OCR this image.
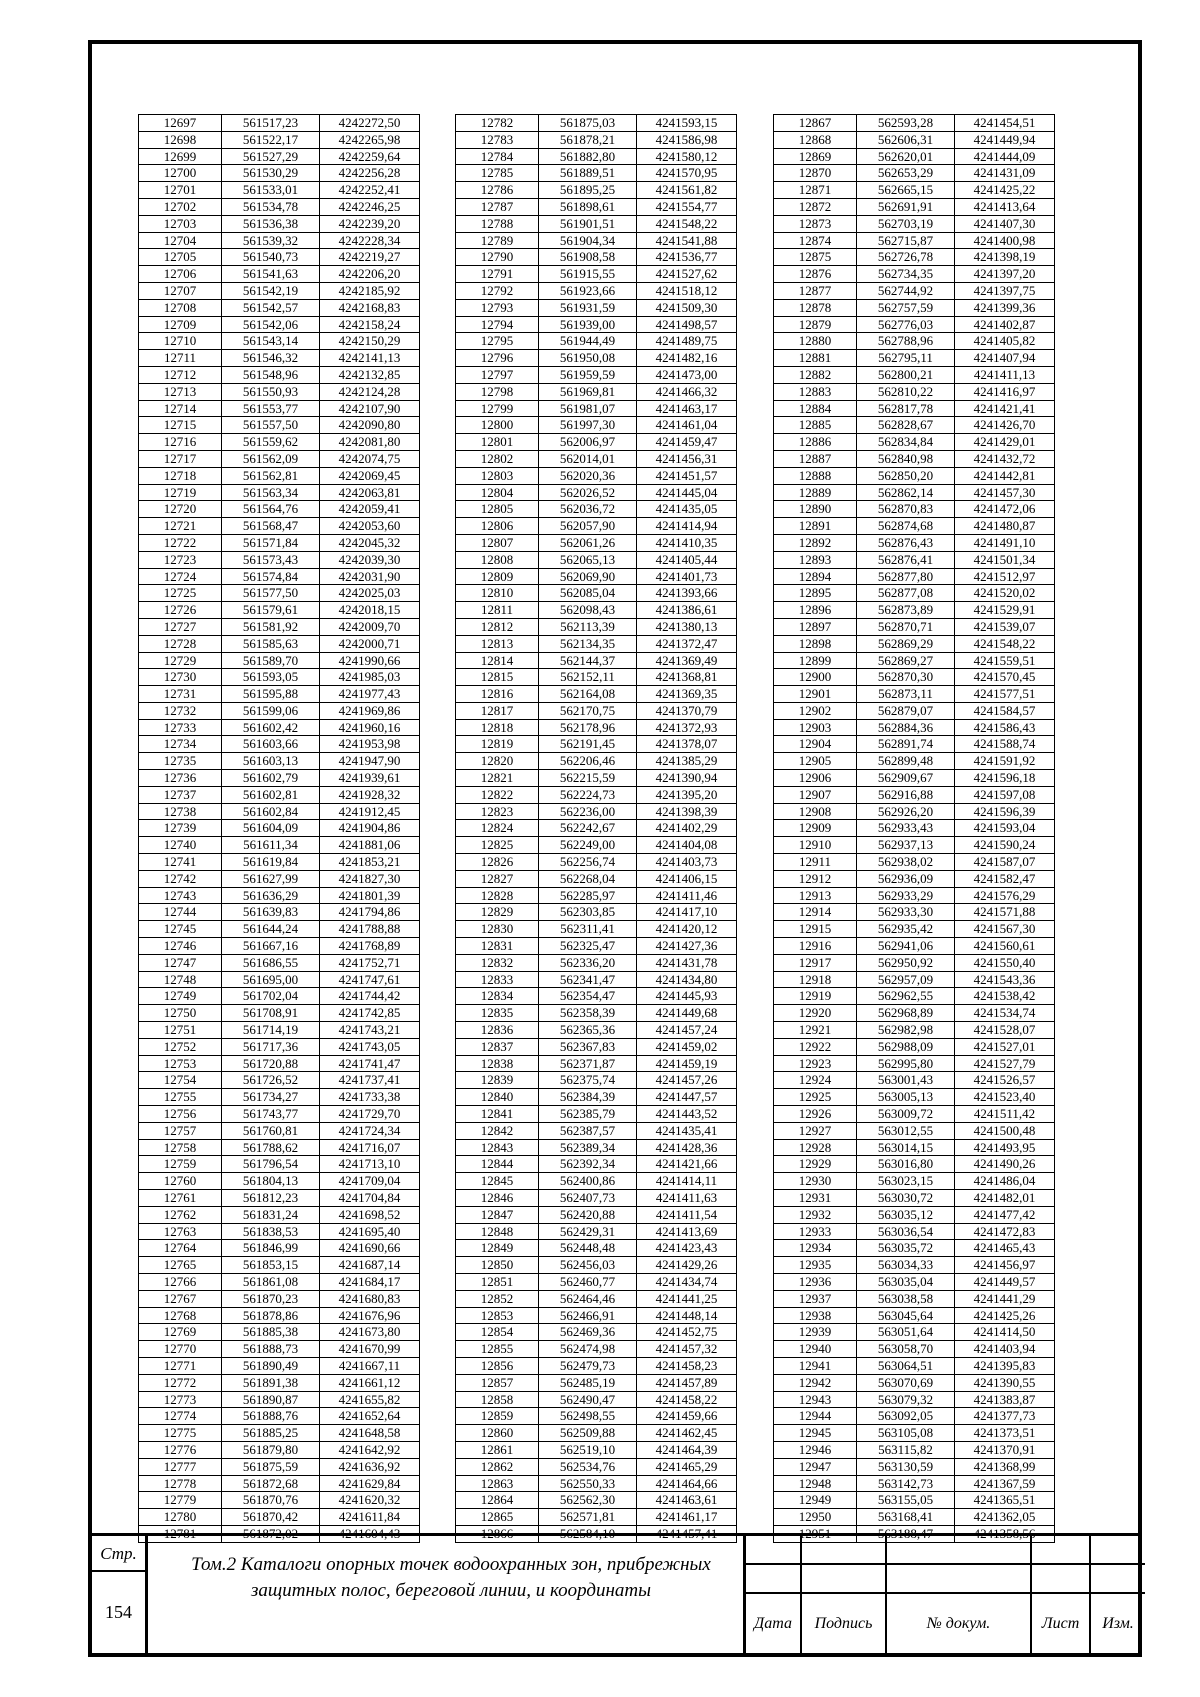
12697	561517,23	4242272,50
12698	561522,17	4242265,98
12699	561527,29	4242259,64
12700	561530,29	4242256,28
12701	561533,01	4242252,41
12702	561534,78	4242246,25
12703	561536,38	4242239,20
12704	561539,32	4242228,34
12705	561540,73	4242219,27
12706	561541,63	4242206,20
12707	561542,19	4242185,92
12708	561542,57	4242168,83
12709	561542,06	4242158,24
12710	561543,14	4242150,29
12711	561546,32	4242141,13
12712	561548,96	4242132,85
12713	561550,93	4242124,28
12714	561553,77	4242107,90
12715	561557,50	4242090,80
12716	561559,62	4242081,80
12717	561562,09	4242074,75
12718	561562,81	4242069,45
12719	561563,34	4242063,81
12720	561564,76	4242059,41
12721	561568,47	4242053,60
12722	561571,84	4242045,32
12723	561573,43	4242039,30
12724	561574,84	4242031,90
12725	561577,50	4242025,03
12726	561579,61	4242018,15
12727	561581,92	4242009,70
12728	561585,63	4242000,71
12729	561589,70	4241990,66
12730	561593,05	4241985,03
12731	561595,88	4241977,43
12732	561599,06	4241969,86
12733	561602,42	4241960,16
12734	561603,66	4241953,98
12735	561603,13	4241947,90
12736	561602,79	4241939,61
12737	561602,81	4241928,32
12738	561602,84	4241912,45
12739	561604,09	4241904,86
12740	561611,34	4241881,06
12741	561619,84	4241853,21
12742	561627,99	4241827,30
12743	561636,29	4241801,39
12744	561639,83	4241794,86
12745	561644,24	4241788,88
12746	561667,16	4241768,89
12747	561686,55	4241752,71
12748	561695,00	4241747,61
12749	561702,04	4241744,42
12750	561708,91	4241742,85
12751	561714,19	4241743,21
12752	561717,36	4241743,05
12753	561720,88	4241741,47
12754	561726,52	4241737,41
12755	561734,27	4241733,38
12756	561743,77	4241729,70
12757	561760,81	4241724,34
12758	561788,62	4241716,07
12759	561796,54	4241713,10
12760	561804,13	4241709,04
12761	561812,23	4241704,84
12762	561831,24	4241698,52
12763	561838,53	4241695,40
12764	561846,99	4241690,66
12765	561853,15	4241687,14
12766	561861,08	4241684,17
12767	561870,23	4241680,83
12768	561878,86	4241676,96
12769	561885,38	4241673,80
12770	561888,73	4241670,99
12771	561890,49	4241667,11
12772	561891,38	4241661,12
12773	561890,87	4241655,82
12774	561888,76	4241652,64
12775	561885,25	4241648,58
12776	561879,80	4241642,92
12777	561875,59	4241636,92
12778	561872,68	4241629,84
12779	561870,76	4241620,32
12780	561870,42	4241611,84
12781	561872,02	4241604,43
12782	561875,03	4241593,15
12783	561878,21	4241586,98
12784	561882,80	4241580,12
12785	561889,51	4241570,95
12786	561895,25	4241561,82
12787	561898,61	4241554,77
12788	561901,51	4241548,22
12789	561904,34	4241541,88
12790	561908,58	4241536,77
12791	561915,55	4241527,62
12792	561923,66	4241518,12
12793	561931,59	4241509,30
12794	561939,00	4241498,57
12795	561944,49	4241489,75
12796	561950,08	4241482,16
12797	561959,59	4241473,00
12798	561969,81	4241466,32
12799	561981,07	4241463,17
12800	561997,30	4241461,04
12801	562006,97	4241459,47
12802	562014,01	4241456,31
12803	562020,36	4241451,57
12804	562026,52	4241445,04
12805	562036,72	4241435,05
12806	562057,90	4241414,94
12807	562061,26	4241410,35
12808	562065,13	4241405,44
12809	562069,90	4241401,73
12810	562085,04	4241393,66
12811	562098,43	4241386,61
12812	562113,39	4241380,13
12813	562134,35	4241372,47
12814	562144,37	4241369,49
12815	562152,11	4241368,81
12816	562164,08	4241369,35
12817	562170,75	4241370,79
12818	562178,96	4241372,93
12819	562191,45	4241378,07
12820	562206,46	4241385,29
12821	562215,59	4241390,94
12822	562224,73	4241395,20
12823	562236,00	4241398,39
12824	562242,67	4241402,29
12825	562249,00	4241404,08
12826	562256,74	4241403,73
12827	562268,04	4241406,15
12828	562285,97	4241411,46
12829	562303,85	4241417,10
12830	562311,41	4241420,12
12831	562325,47	4241427,36
12832	562336,20	4241431,78
12833	562341,47	4241434,80
12834	562354,47	4241445,93
12835	562358,39	4241449,68
12836	562365,36	4241457,24
12837	562367,83	4241459,02
12838	562371,87	4241459,19
12839	562375,74	4241457,26
12840	562384,39	4241447,57
12841	562385,79	4241443,52
12842	562387,57	4241435,41
12843	562389,34	4241428,36
12844	562392,34	4241421,66
12845	562400,86	4241414,11
12846	562407,73	4241411,63
12847	562420,88	4241411,54
12848	562429,31	4241413,69
12849	562448,48	4241423,43
12850	562456,03	4241429,26
12851	562460,77	4241434,74
12852	562464,46	4241441,25
12853	562466,91	4241448,14
12854	562469,36	4241452,75
12855	562474,98	4241457,32
12856	562479,73	4241458,23
12857	562485,19	4241457,89
12858	562490,47	4241458,22
12859	562498,55	4241459,66
12860	562509,88	4241462,45
12861	562519,10	4241464,39
12862	562534,76	4241465,29
12863	562550,33	4241464,66
12864	562562,30	4241463,61
12865	562571,81	4241461,17
12866	562584,10	4241457,41
12867	562593,28	4241454,51
12868	562606,31	4241449,94
12869	562620,01	4241444,09
12870	562653,29	4241431,09
12871	562665,15	4241425,22
12872	562691,91	4241413,64
12873	562703,19	4241407,30
12874	562715,87	4241400,98
12875	562726,78	4241398,19
12876	562734,35	4241397,20
12877	562744,92	4241397,75
12878	562757,59	4241399,36
12879	562776,03	4241402,87
12880	562788,96	4241405,82
12881	562795,11	4241407,94
12882	562800,21	4241411,13
12883	562810,22	4241416,97
12884	562817,78	4241421,41
12885	562828,67	4241426,70
12886	562834,84	4241429,01
12887	562840,98	4241432,72
12888	562850,20	4241442,81
12889	562862,14	4241457,30
12890	562870,83	4241472,06
12891	562874,68	4241480,87
12892	562876,43	4241491,10
12893	562876,41	4241501,34
12894	562877,80	4241512,97
12895	562877,08	4241520,02
12896	562873,89	4241529,91
12897	562870,71	4241539,07
12898	562869,29	4241548,22
12899	562869,27	4241559,51
12900	562870,30	4241570,45
12901	562873,11	4241577,51
12902	562879,07	4241584,57
12903	562884,36	4241586,43
12904	562891,74	4241588,74
12905	562899,48	4241591,92
12906	562909,67	4241596,18
12907	562916,88	4241597,08
12908	562926,20	4241596,39
12909	562933,43	4241593,04
12910	562937,13	4241590,24
12911	562938,02	4241587,07
12912	562936,09	4241582,47
12913	562933,29	4241576,29
12914	562933,30	4241571,88
12915	562935,42	4241567,30
12916	562941,06	4241560,61
12917	562950,92	4241550,40
12918	562957,09	4241543,36
12919	562962,55	4241538,42
12920	562968,89	4241534,74
12921	562982,98	4241528,07
12922	562988,09	4241527,01
12923	562995,80	4241527,79
12924	563001,43	4241526,57
12925	563005,13	4241523,40
12926	563009,72	4241511,42
12927	563012,55	4241500,48
12928	563014,15	4241493,95
12929	563016,80	4241490,26
12930	563023,15	4241486,04
12931	563030,72	4241482,01
12932	563035,12	4241477,42
12933	563036,54	4241472,83
12934	563035,72	4241465,43
12935	563034,33	4241456,97
12936	563035,04	4241449,57
12937	563038,58	4241441,29
12938	563045,64	4241425,26
12939	563051,64	4241414,50
12940	563058,70	4241403,94
12941	563064,51	4241395,83
12942	563070,69	4241390,55
12943	563079,32	4241383,87
12944	563092,05	4241377,73
12945	563105,08	4241373,51
12946	563115,82	4241370,91
12947	563130,59	4241368,99
12948	563142,73	4241367,59
12949	563155,05	4241365,51
12950	563168,41	4241362,05
12951	563188,47	4241358,56
Стр.
154
Том.2 Каталоги опорных точек водоохранных зон, прибрежных
защитных полос, береговой линии, и координаты
Дата	Подпись	№ докум.	Лист	Изм.
